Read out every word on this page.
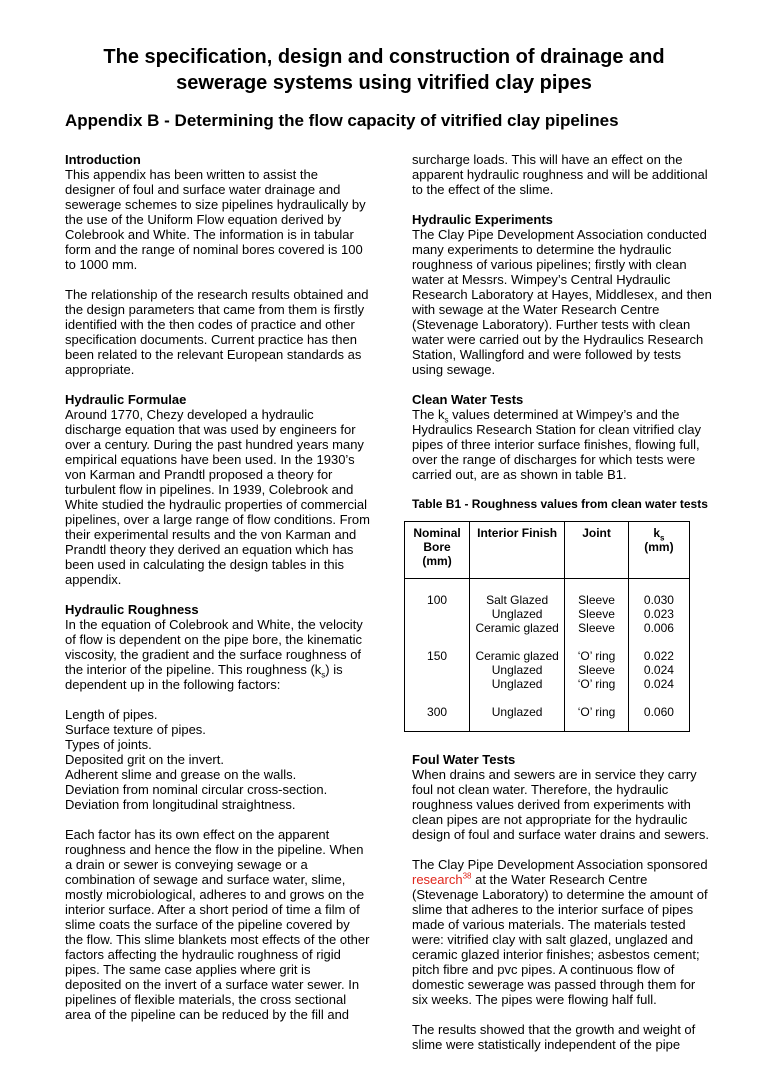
The specification, design and construction of drainage and
sewerage systems using vitrified clay pipes
Appendix B - Determining the flow capacity of vitrified clay pipelines
Introduction

This appendix has been written to assist the designer of foul and surface water drainage and sewerage schemes to size pipelines hydraulically by the use of the Uniform Flow equation derived by Colebrook and White. The information is in tabular form and the range of nominal bores covered is 100 to 1000 mm.

The relationship of the research results obtained and the design parameters that came from them is firstly identified with the then codes of practice and other specification documents. Current practice has then been related to the relevant European standards as appropriate.

Hydraulic Formulae

Around 1770, Chezy developed a hydraulic discharge equation that was used by engineers for over a century. During the past hundred years many empirical equations have been used. In the 1930’s von Karman and Prandtl proposed a theory for turbulent flow in pipelines. In 1939, Colebrook and White studied the hydraulic properties of commercial pipelines, over a large range of flow conditions. From their experimental results and the von Karman and Prandtl theory they derived an equation which has been used in calculating the design tables in this appendix.

Hydraulic Roughness

In the equation of Colebrook and White, the velocity of flow is dependent on the pipe bore, the kinematic viscosity, the gradient and the surface roughness of the interior of the pipeline. This roughness $(k_s)$ is dependent up in the following factors:

Length of pipes.
Surface texture of pipes.
Types of joints.
Deposited grit on the invert.
Adherent slime and grease on the walls.
Deviation from nominal circular cross-section.
Deviation from longitudinal straightness.

Each factor has its own effect on the apparent roughness and hence the flow in the pipeline. When a drain or sewer is conveying sewage or a combination of sewage and surface water, slime, mostly microbiological, adheres to and grows on the interior surface. After a short period of time a film of slime coats the surface of the pipeline covered by the flow. This slime blankets most effects of the other factors affecting the hydraulic roughness of rigid pipes. The same case applies where grit is deposited on the invert of a surface water sewer. In pipelines of flexible materials, the cross sectional area of the pipeline can be reduced by the fill and

surcharge loads. This will have an effect on the apparent hydraulic roughness and will be additional to the effect of the slime.

Hydraulic Experiments

The Clay Pipe Development Association conducted many experiments to determine the hydraulic roughness of various pipelines; firstly with clean water at Messrs. Wimpey’s Central Hydraulic Research Laboratory at Hayes, Middlesex, and then with sewage at the Water Research Centre (Stevenage Laboratory). Further tests with clean water were carried out by the Hydraulics Research Station, Wallingford and were followed by tests using sewage.

Clean Water Tests

The $k_s$ values determined at Wimpey’s and the Hydraulics Research Station for clean vitrified clay pipes of three interior surface finishes, flowing full, over the range of discharges for which tests were carried out, are as shown in table B1.

Table B1 - Roughness values from clean water tests
Nominal
Bore
(mm)	Interior Finish	Joint	$k_s$
(mm)
100	Salt Glazed	Sleeve	0.030
	Unglazed	Sleeve	0.023
	Ceramic glazed	Sleeve	0.006
150	Ceramic glazed	‘O’ ring	0.022
	Unglazed	Sleeve	0.024
	Unglazed	‘O’ ring	0.024
300	Unglazed	‘O’ ring	0.060
Foul Water Tests

When drains and sewers are in service they carry foul not clean water. Therefore, the hydraulic roughness values derived from experiments with clean pipes are not appropriate for the hydraulic design of foul and surface water drains and sewers.

The Clay Pipe Development Association sponsored research$^{38}$ at the Water Research Centre (Stevenage Laboratory) to determine the amount of slime that adheres to the interior surface of pipes made of various materials. The materials tested were: vitrified clay with salt glazed, unglazed and ceramic glazed interior finishes; asbestos cement; pitch fibre and pvc pipes. A continuous flow of domestic sewerage was passed through them for six weeks. The pipes were flowing half full.

The results showed that the growth and weight of slime were statistically independent of the pipe
